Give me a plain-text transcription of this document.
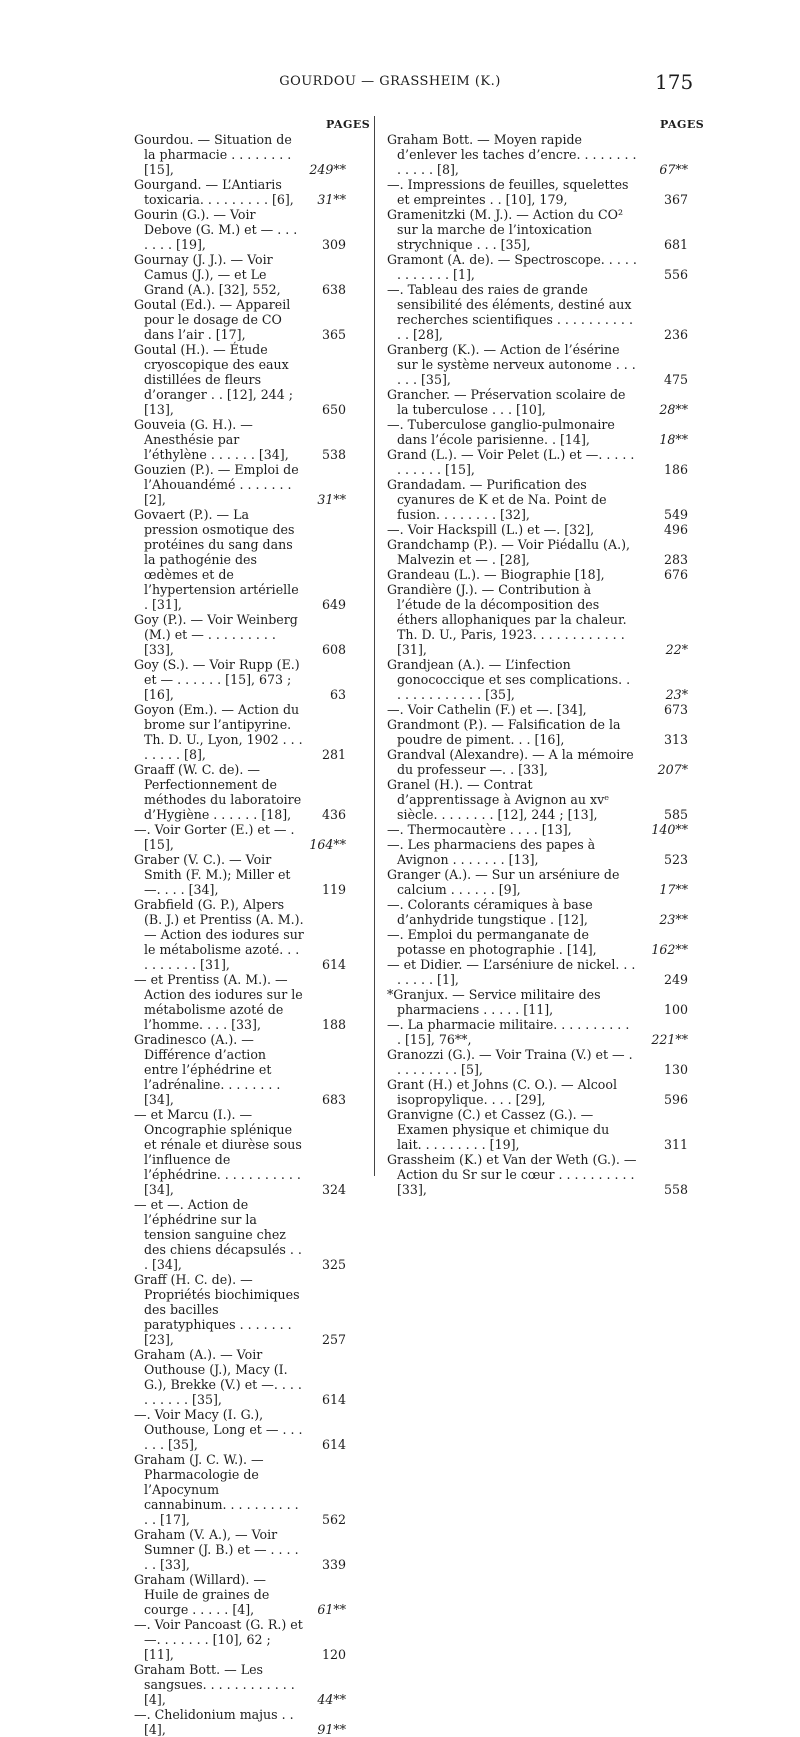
GOURDOU — GRASSHEIM (K.)	175
PAGES
Gourdou. — Situation de la pharmacie . . . . . . . . [15],	249**
Gourgand. — L’Antiaris toxicaria. . . . . . . . . [6],	31**
Gourin (G.). — Voir Debove (G. M.) et — . . . . . . . [19],	309
Gournay (J. J.). — Voir Camus (J.), — et Le Grand (A.). [32], 552,	638
Goutal (Ed.). — Appareil pour le dosage de CO dans l’air . [17],	365
Goutal (H.). — Étude cryoscopique des eaux distillées de fleurs d’oranger . . [12], 244 ; [13],	650
Gouveia (G. H.). — Anesthésie par l’éthylène . . . . . . [34],	538
Gouzien (P.). — Emploi de l’Ahouandémé . . . . . . . [2],	31**
Govaert (P.). — La pression osmotique des protéines du sang dans la pathogénie des œdèmes et de l’hypertension artérielle . [31],	649
Goy (P.). — Voir Weinberg (M.) et — . . . . . . . . . [33],	608
Goy (S.). — Voir Rupp (E.) et — . . . . . . [15], 673 ; [16],	63
Goyon (Em.). — Action du brome sur l’antipyrine. Th. D. U., Lyon, 1902 . . . . . . . . [8],	281
Graaff (W. C. de). — Perfectionnement de méthodes du laboratoire d’Hygiène . . . . . . [18],	436
—. Voir Gorter (E.) et — . [15],	164**
Graber (V. C.). — Voir Smith (F. M.); Miller et —. . . . [34],	119
Grabfield (G. P.), Alpers (B. J.) et Prentiss (A. M.). — Action des iodures sur le métabolisme azoté. . . . . . . . . . [31],	614
— et Prentiss (A. M.). — Action des iodures sur le métabolisme azoté de l’homme. . . . [33],	188
Gradinesco (A.). — Différence d’action entre l’éphédrine et l’adrénaline. . . . . . . . [34],	683
— et Marcu (I.). — Oncographie splénique et rénale et diurèse sous l’influence de l’éphédrine. . . . . . . . . . . [34],	324
— et —. Action de l’éphédrine sur la tension sanguine chez des chiens décapsulés . . . [34],	325
Graff (H. C. de). — Propriétés biochimiques des bacilles paratyphiques . . . . . . . [23],	257
Graham (A.). — Voir Outhouse (J.), Macy (I. G.), Brekke (V.) et —. . . . . . . . . . [35],	614
—. Voir Macy (I. G.), Outhouse, Long et — . . . . . . [35],	614
Graham (J. C. W.). — Pharmacologie de l’Apocynum cannabinum. . . . . . . . . . . . [17],	562
Graham (V. A.), — Voir Sumner (J. B.) et — . . . . . . [33],	339
Graham (Willard). — Huile de graines de courge . . . . . [4],	61**
—. Voir Pancoast (G. R.) et —. . . . . . . [10], 62 ; [11],	120
Graham Bott. — Les sangsues. . . . . . . . . . . . [4],	44**
—. Chelidonium majus . . [4],	91**
PAGES
Graham Bott. — Moyen rapide d’enlever les taches d’encre. . . . . . . . . . . . . [8],	67**
—. Impressions de feuilles, squelettes et empreintes . . [10], 179,	367
Gramenitzki (M. J.). — Action du CO² sur la marche de l’intoxication strychnique . . . [35],	681
Gramont (A. de). — Spectroscope. . . . . . . . . . . . [1],	556
—. Tableau des raies de grande sensibilité des éléments, destiné aux recherches scientifiques . . . . . . . . . . . . [28],	236
Granberg (K.). — Action de l’ésérine sur le système nerveux autonome . . . . . . [35],	475
Grancher. — Préservation scolaire de la tuberculose . . . [10],	28**
—. Tuberculose ganglio-pulmonaire dans l’école parisienne. . [14],	18**
Grand (L.). — Voir Pelet (L.) et —. . . . . . . . . . . [15],	186
Grandadam. — Purification des cyanures de K et de Na. Point de fusion. . . . . . . . [32],	549
—. Voir Hackspill (L.) et —. [32],	496
Grandchamp (P.). — Voir Piédallu (A.), Malvezin et — . [28],	283
Grandeau (L.). — Biographie [18],	676
Grandière (J.). — Contribution à l’étude de la décomposition des éthers allophaniques par la chaleur. Th. D. U., Paris, 1923. . . . . . . . . . . . [31],	22*
Grandjean (A.). — L’infection gonococcique et ses complications. . . . . . . . . . . . . [35],	23*
—. Voir Cathelin (F.) et —. [34],	673
Grandmont (P.). — Falsification de la poudre de piment. . . [16],	313
Grandval (Alexandre). — A la mémoire du professeur —. . [33],	207*
Granel (H.). — Contrat d’apprentissage à Avignon au xvᵉ siècle. . . . . . . . [12], 244 ; [13],	585
—. Thermocautère . . . . [13],	140**
—. Les pharmaciens des papes à Avignon . . . . . . . [13],	523
Granger (A.). — Sur un arséniure de calcium . . . . . . [9],	17**
—. Colorants céramiques à base d’anhydride tungstique . [12],	23**
—. Emploi du permanganate de potasse en photographie . [14],	162**
— et Didier. — L’arséniure de nickel. . . . . . . . [1],	249
*Granjux. — Service militaire des pharmaciens . . . . . [11],	100
—. La pharmacie militaire. . . . . . . . . . . [15], 76**,	221**
Granozzi (G.). — Voir Traina (V.) et — . . . . . . . . . [5],	130
Grant (H.) et Johns (C. O.). — Alcool isopropylique. . . . [29],	596
Granvigne (C.) et Cassez (G.). — Examen physique et chimique du lait. . . . . . . . . [19],	311
Grassheim (K.) et Van der Weth (G.). — Action du Sr sur le cœur . . . . . . . . . . [33],	558
